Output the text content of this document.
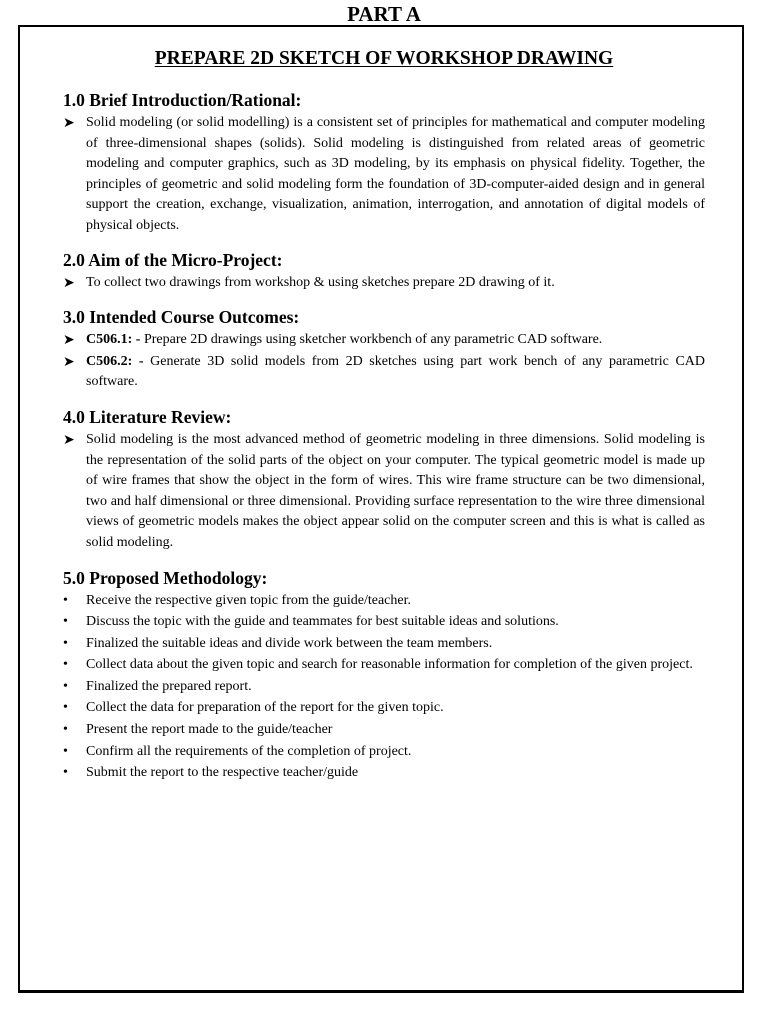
PART A
PREPARE 2D SKETCH OF WORKSHOP DRAWING
1.0 Brief Introduction/Rational:
➤ Solid modeling (or solid modelling) is a consistent set of principles for mathematical and computer modeling of three-dimensional shapes (solids). Solid modeling is distinguished from related areas of geometric modeling and computer graphics, such as 3D modeling, by its emphasis on physical fidelity. Together, the principles of geometric and solid modeling form the foundation of 3D-computer-aided design and in general support the creation, exchange, visualization, animation, interrogation, and annotation of digital models of physical objects.
2.0 Aim of the Micro-Project:
➤ To collect two drawings from workshop & using sketches prepare 2D drawing of it.
3.0 Intended Course Outcomes:
➤ C506.1: - Prepare 2D drawings using sketcher workbench of any parametric CAD software.
➤ C506.2: - Generate 3D solid models from 2D sketches using part work bench of any parametric CAD software.
4.0 Literature Review:
➤ Solid modeling is the most advanced method of geometric modeling in three dimensions. Solid modeling is the representation of the solid parts of the object on your computer. The typical geometric model is made up of wire frames that show the object in the form of wires. This wire frame structure can be two dimensional, two and half dimensional or three dimensional. Providing surface representation to the wire three dimensional views of geometric models makes the object appear solid on the computer screen and this is what is called as solid modeling.
5.0 Proposed Methodology:
• Receive the respective given topic from the guide/teacher.
• Discuss the topic with the guide and teammates for best suitable ideas and solutions.
• Finalized the suitable ideas and divide work between the team members.
• Collect data about the given topic and search for reasonable information for completion of the given project.
• Finalized the prepared report.
• Collect the data for preparation of the report for the given topic.
• Present the report made to the guide/teacher
• Confirm all the requirements of the completion of project.
• Submit the report to the respective teacher/guide
